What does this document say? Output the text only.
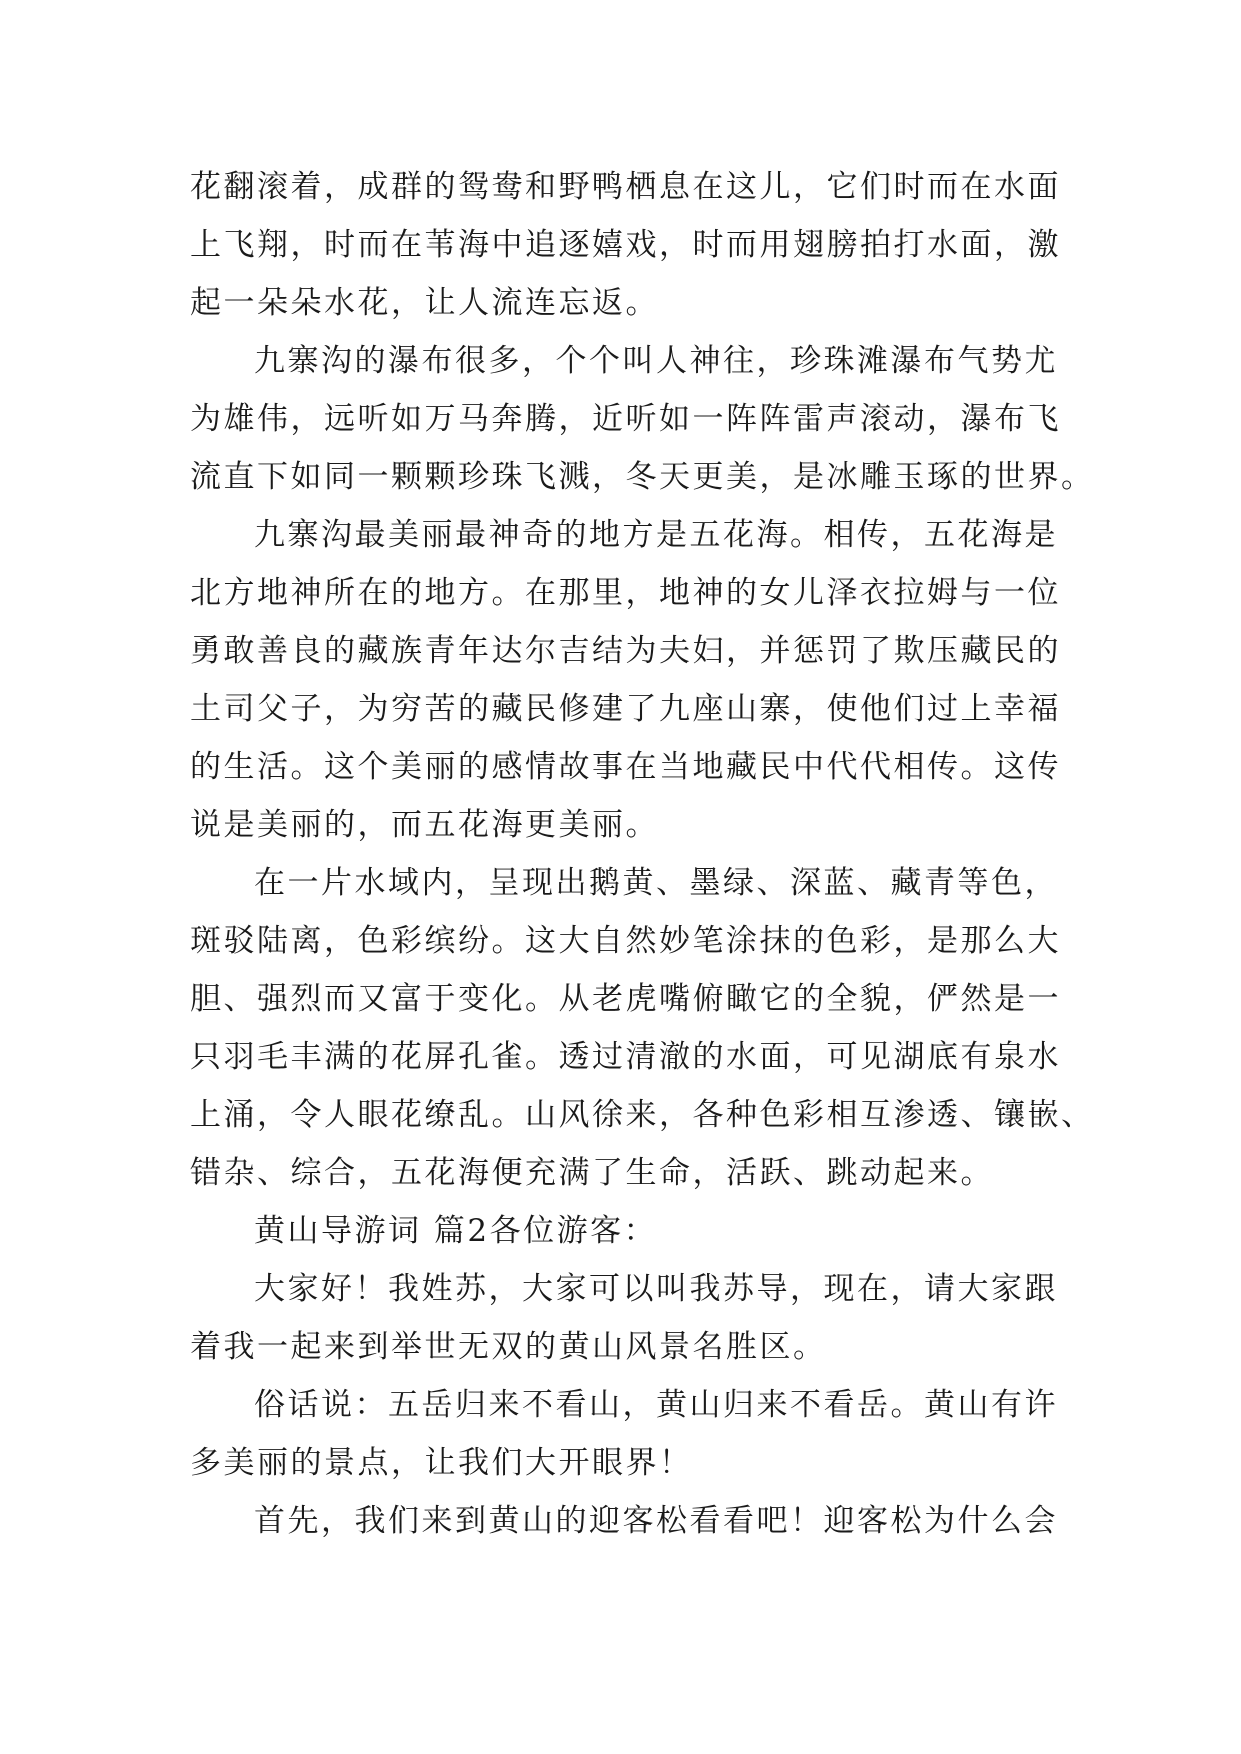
花翻滚着，成群的鸳鸯和野鸭栖息在这儿，它们时而在水面
上飞翔，时而在苇海中追逐嬉戏，时而用翅膀拍打水面，激
起一朵朵水花，让人流连忘返。
九寨沟的瀑布很多，个个叫人神往，珍珠滩瀑布气势尤
为雄伟，远听如万马奔腾，近听如一阵阵雷声滚动，瀑布飞
流直下如同一颗颗珍珠飞溅，冬天更美，是冰雕玉琢的世界。
九寨沟最美丽最神奇的地方是五花海。相传，五花海是
北方地神所在的地方。在那里，地神的女儿泽衣拉姆与一位
勇敢善良的藏族青年达尔吉结为夫妇，并惩罚了欺压藏民的
土司父子，为穷苦的藏民修建了九座山寨，使他们过上幸福
的生活。这个美丽的感情故事在当地藏民中代代相传。这传
说是美丽的，而五花海更美丽。
在一片水域内，呈现出鹅黄、墨绿、深蓝、藏青等色，
斑驳陆离，色彩缤纷。这大自然妙笔涂抹的色彩，是那么大
胆、强烈而又富于变化。从老虎嘴俯瞰它的全貌，俨然是一
只羽毛丰满的花屏孔雀。透过清澈的水面，可见湖底有泉水
上涌，令人眼花缭乱。山风徐来，各种色彩相互渗透、镶嵌、
错杂、综合，五花海便充满了生命，活跃、跳动起来。
黄山导游词 篇2各位游客：
大家好！我姓苏，大家可以叫我苏导，现在，请大家跟
着我一起来到举世无双的黄山风景名胜区。
俗话说：五岳归来不看山，黄山归来不看岳。黄山有许
多美丽的景点，让我们大开眼界！
首先，我们来到黄山的迎客松看看吧！迎客松为什么会
